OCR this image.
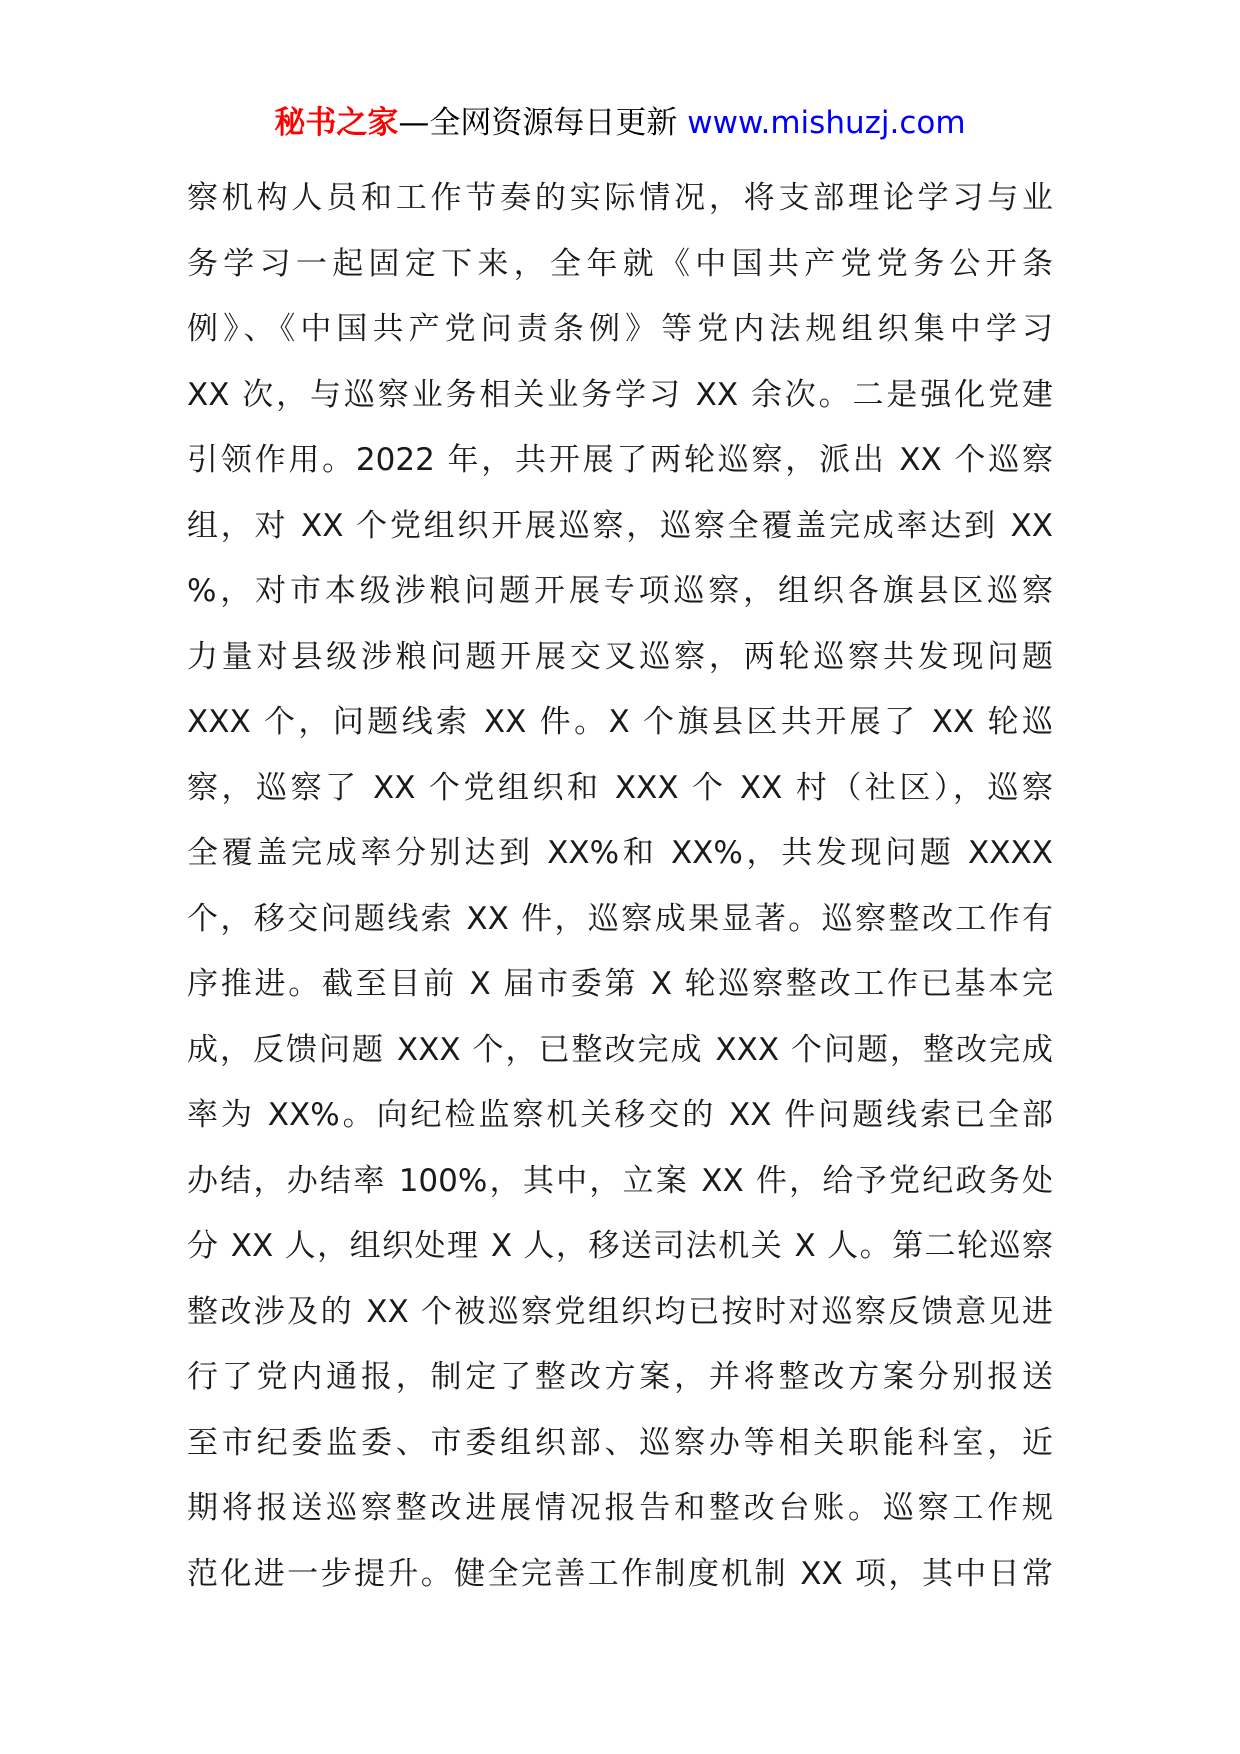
秘书之家—全网资源每日更新 www.mishuzj.com
察机构人员和工作节奏的实际情况，将支部理论学习与业
务学习一起固定下来，全年就《中国共产党党务公开条
例》、《中国共产党问责条例》等党内法规组织集中学习
XX 次，与巡察业务相关业务学习 XX 余次。二是强化党建
引领作用。2022 年，共开展了两轮巡察，派出 XX 个巡察
组，对 XX 个党组织开展巡察，巡察全覆盖完成率达到 XX
%，对市本级涉粮问题开展专项巡察，组织各旗县区巡察
力量对县级涉粮问题开展交叉巡察，两轮巡察共发现问题
XXX 个，问题线索 XX 件。X 个旗县区共开展了 XX 轮巡
察，巡察了 XX 个党组织和 XXX 个 XX 村（社区），巡察
全覆盖完成率分别达到 XX%和 XX%，共发现问题 XXXX
个，移交问题线索 XX 件，巡察成果显著。巡察整改工作有
序推进。截至目前 X 届市委第 X 轮巡察整改工作已基本完
成，反馈问题 XXX 个，已整改完成 XXX 个问题，整改完成
率为 XX%。向纪检监察机关移交的 XX 件问题线索已全部
办结，办结率 100%，其中，立案 XX 件，给予党纪政务处
分 XX 人，组织处理 X 人，移送司法机关 X 人。第二轮巡察
整改涉及的 XX 个被巡察党组织均已按时对巡察反馈意见进
行了党内通报，制定了整改方案，并将整改方案分别报送
至市纪委监委、市委组织部、巡察办等相关职能科室，近
期将报送巡察整改进展情况报告和整改台账。巡察工作规
范化进一步提升。健全完善工作制度机制 XX 项，其中日常
